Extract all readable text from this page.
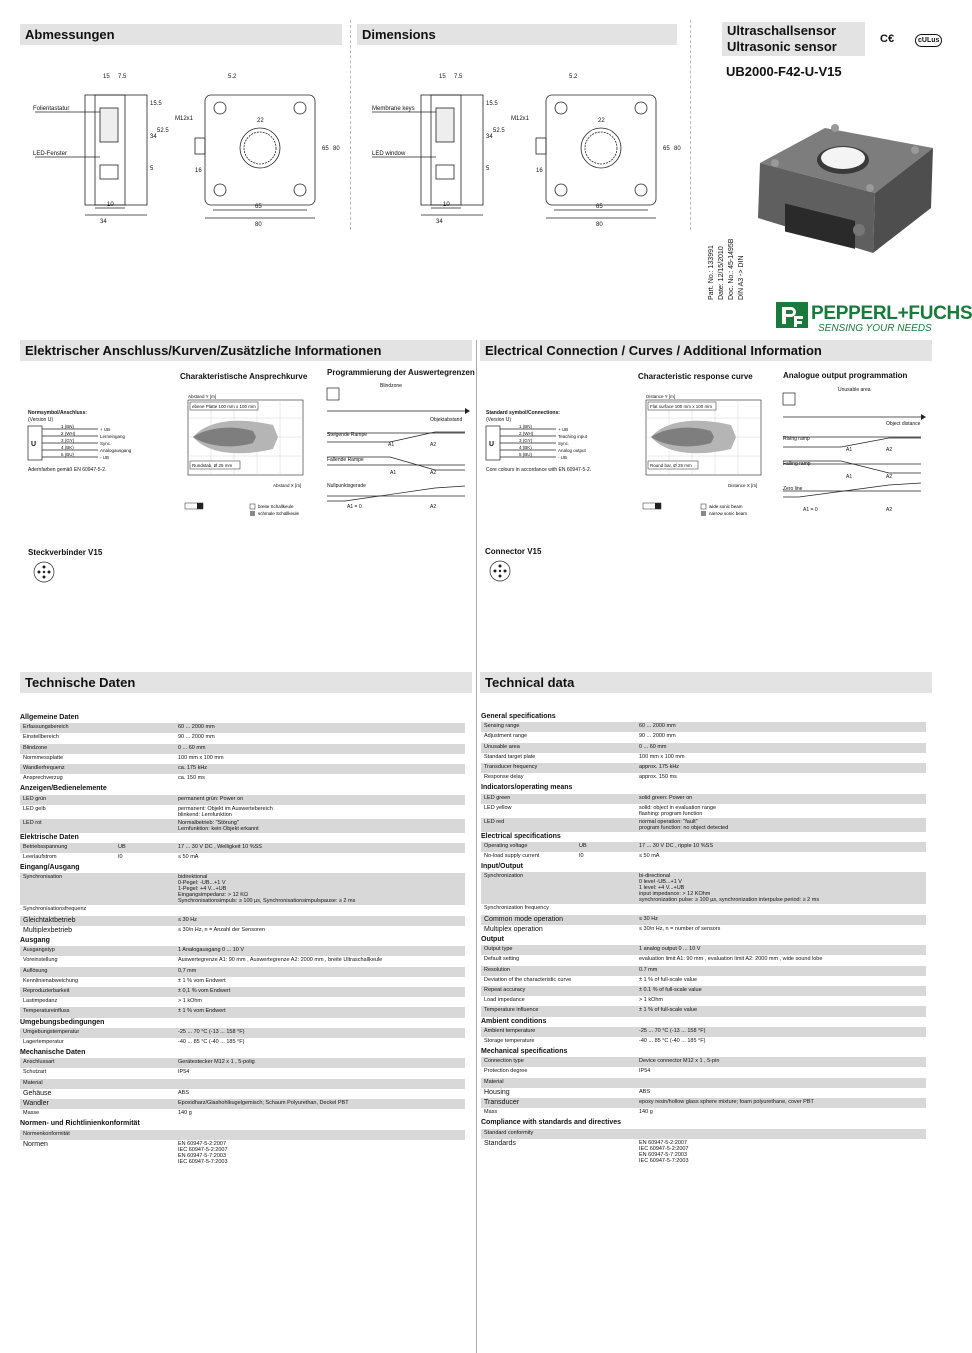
Abmessungen	Dimensions
Elektrischer Anschluss/Kurven/Zusätzliche Informationen	Electrical Connection / Curves / Additional Information
Technische Daten	Technical data
Ultraschallsensor
Ultrasonic sensor
UB2000-F42-U-V15
C€	cULus
Part. No.: 133991 Date: 12/15/2010 Doc. No.: 45-1495B DIN A3 -> DIN
PEPPERL+FUCHS
SENSING YOUR NEEDS
15 7.5	5.2
15.5
34
52.5
M12x1	22
65 80
16
5
10
34
65
80
Folientastatur
LED-Fenster
15 7.5	5.2
15.5
34
52.5
M12x1	22
65 80
16
5
10
34
65
80
Membrane keys
LED window
Normsymbol/Anschluss:
(Version U)
U
1 (BN)
2 (WH)
3 (GY)
4 (BK)
5 (BU)
+ UB
Lerneingang
Sync.
Analogausgang
- UB
Adernfarben gemäß EN 60947-5-2.
Charakteristische Ansprechkurve
ebene Platte 100 mm x 100 mm
Rundstab, Ø 25 mm
Abstand Y [m]
Abstand X [m]
breite Schallkeule
schmale Schallkeule
Programmierung der Auswertegrenzen
Blindzone
Objektabstand
Steigende Rampe
A1	A2
Fallende Rampe
A1	A2
Nullpunktsgerade
A1 = 0	A2
Steckverbinder V15
Standard symbol/Connections:
(Version U)
U
1 (BN)
2 (WH)
3 (GY)
4 (BK)
5 (BU)
+ UB
Teaching input
Sync.
Analog output
- UB
Core colours in accordance with EN 60947-5-2.
Characteristic response curve
Flat surface 100 mm x 100 mm
Round bar, Ø 25 mm
Distance Y [m]
Distance X [m]
wide sonic beam
narrow sonic beam
Analogue output programmation
Unusable area
Object distance
Rising ramp
A1	A2
Falling ramp
A1	A2
Zero line
A1 = 0	A2
Connector V15
Allgemeine Daten		
Erfassungsbereich		60 ... 2000 mm
Einstellbereich		90 ... 2000 mm
Blindzone		0 ... 60 mm
Normmessplatte		100 mm x 100 mm
Wandlerfrequenz		ca. 175 kHz
Ansprechverzug		ca. 150 ms
Anzeigen/Bedienelemente		
LED grün		permanent grün: Power on
LED gelb		permanent: Objekt im Auswertebereich
blinkend: Lernfunktion
LED rot		Normalbetrieb: "Störung"
Lernfunktion: kein Objekt erkannt
Elektrische Daten		
Betriebsspannung	UB	17 ... 30 V DC , Welligkeit 10 %SS
Leerlaufstrom	I0	≤ 50 mA
Eingang/Ausgang		
Synchronisation		bidirektional
0-Pegel: -UB...+1 V
1-Pegel: +4 V...+UB
Eingangsimpedanz: > 12 KΩ
Synchronisationsimpuls: ≥ 100 µs, Synchronisationsimpulspause: ≥ 2 ms
Synchronisationsfrequenz		
Gleichtaktbetrieb		≤ 30 Hz
Multiplexbetrieb		≤ 30/n Hz, n = Anzahl der Sensoren
Ausgang		
Ausgangstyp		1 Analogausgang 0 ... 10 V
Voreinstellung		Auswertegrenze A1: 90 mm , Auswertegrenze A2: 2000 mm , breite Ultraschallkeule
Auflösung		0,7 mm
Kennlinienabweichung		± 1 % vom Endwert
Reproduzierbarkeit		± 0,1 % vom Endwert
Lastimpedanz		> 1 kOhm
Temperatureinfluss		± 1 % vom Endwert
Umgebungsbedingungen		
Umgebungstemperatur		-25 ... 70 °C (-13 ... 158 °F)
Lagertemperatur		-40 ... 85 °C (-40 ... 185 °F)
Mechanische Daten		
Anschlussart		Gerätestecker M12 x 1 , 5-polig
Schutzart		IP54
Material		
Gehäuse		ABS
Wandler		Epoxidharz/Glashohlkugelgemisch; Schaum Polyurethan, Deckel PBT
Masse		140 g
Normen- und Richtlinienkonformität		
Normenkonformität		
Normen		EN 60947-5-2:2007
IEC 60947-5-2:2007
EN 60947-5-7:2003
IEC 60947-5-7:2003
General specifications		
Sensing range		60 ... 2000 mm
Adjustment range		90 ... 2000 mm
Unusable area		0 ... 60 mm
Standard target plate		100 mm x 100 mm
Transducer frequency		approx. 175 kHz
Response delay		approx. 150 ms
Indicators/operating means		
LED green		solid green: Power on
LED yellow		solid: object in evaluation range
flashing: program function
LED red		normal operation: "fault"
program function: no object detected
Electrical specifications		
Operating voltage	UB	17 ... 30 V DC , ripple 10 %SS
No-load supply current	I0	≤ 50 mA
Input/Output		
Synchronization		bi-directional
0 level -UB...+1 V
1 level: +4 V...+UB
input impedance: > 12 KOhm
synchronization pulse: ≥ 100 µs, synchronization interpulse period: ≥ 2 ms
Synchronization frequency		
Common mode operation		≤ 30 Hz
Multiplex operation		≤ 30/n Hz, n = number of sensors
Output		
Output type		1 analog output 0 ... 10 V
Default setting		evaluation limit A1: 90 mm , evaluation limit A2: 2000 mm , wide sound lobe
Resolution		0.7 mm
Deviation of the characteristic curve		± 1 % of full-scale value
Repeat accuracy		± 0.1 % of full-scale value
Load impedance		> 1 kOhm
Temperature influence		± 1 % of full-scale value
Ambient conditions		
Ambient temperature		-25 ... 70 °C (-13 ... 158 °F)
Storage temperature		-40 ... 85 °C (-40 ... 185 °F)
Mechanical specifications		
Connection type		Device connector M12 x 1 , 5-pin
Protection degree		IP54
Material		
Housing		ABS
Transducer		epoxy resin/hollow glass sphere mixture; foam polyurethane, cover PBT
Mass		140 g
Compliance with standards and directives		
Standard conformity		
Standards		EN 60947-5-2:2007
IEC 60947-5-2:2007
EN 60947-5-7:2003
IEC 60947-5-7:2003
